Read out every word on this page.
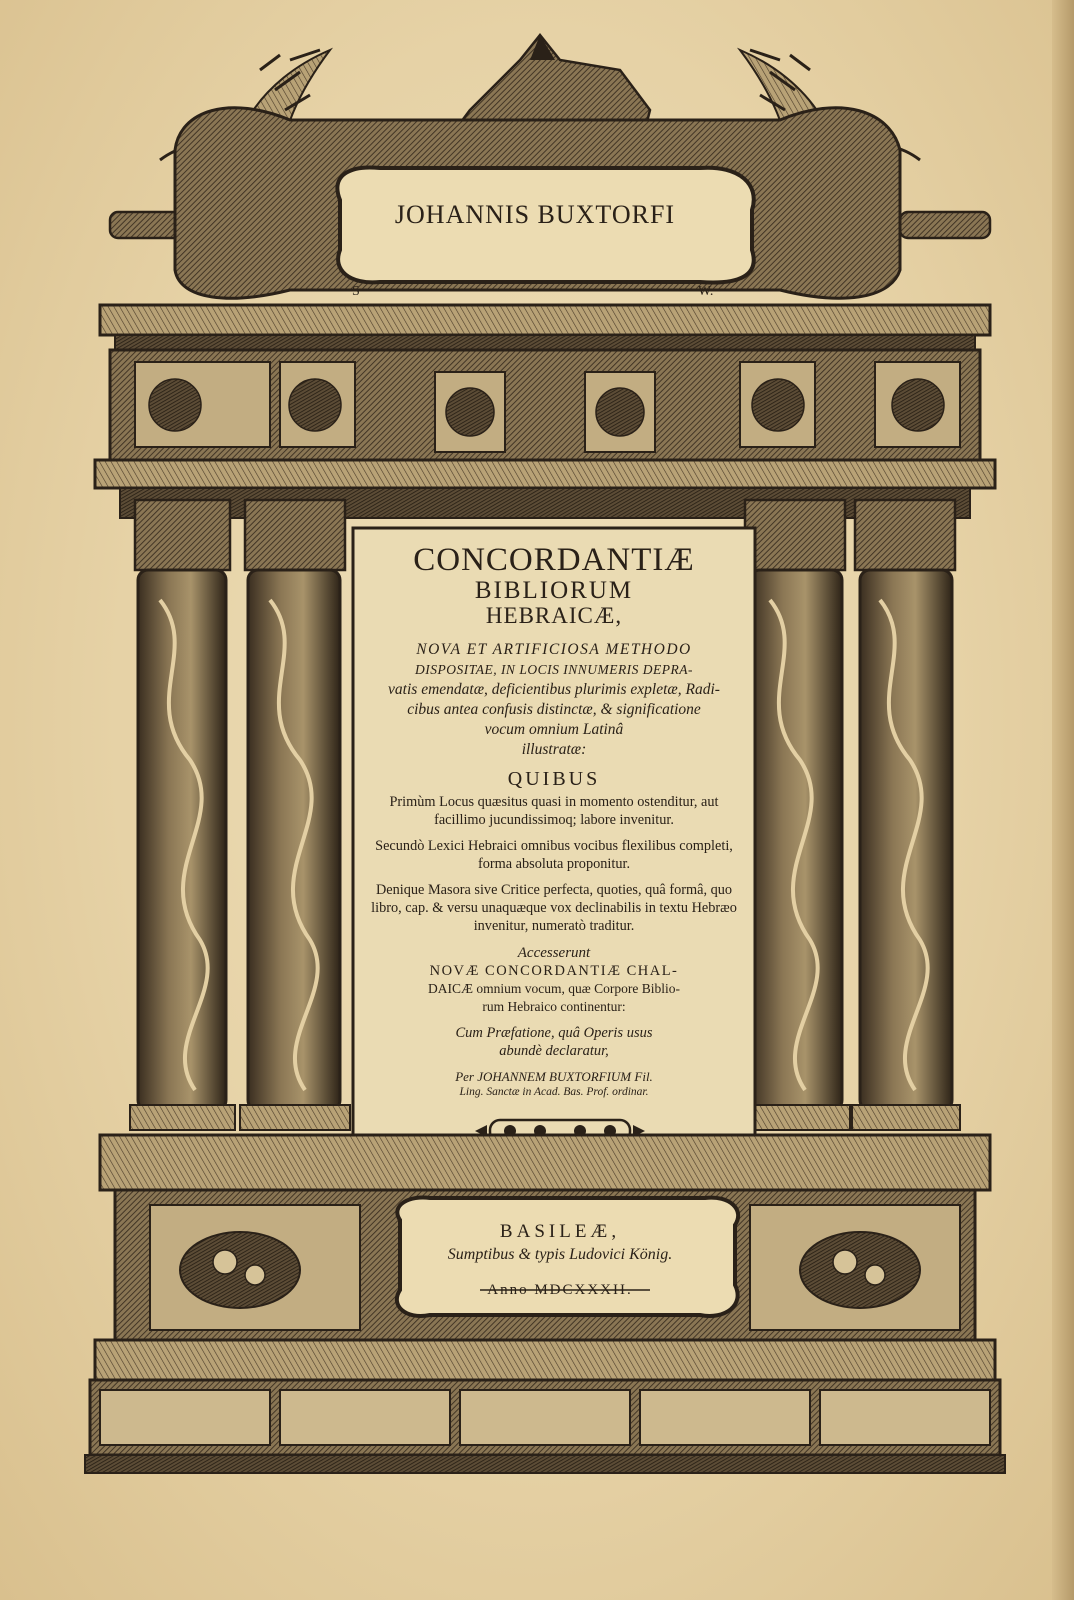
JOHANNIS BUXTORFI
S	W.
CONCORDANTIÆ
BIBLIORUM
HEBRAICÆ,
NOVA ET ARTIFICIOSA METHODO
DISPOSITAE, IN LOCIS INNUMERIS DEPRA-
vatis emendatæ, deficientibus plurimis expletæ, Radi-
cibus antea confusis distinctæ, & significatione
vocum omnium Latinâ
illustratæ:
QUIBUS
Primùm Locus quæsitus quasi in momento ostenditur, aut facillimo jucundissimoq; labore invenitur.
Secundò Lexici Hebraici omnibus vocibus flexilibus completi, forma absoluta proponitur.
Denique Masora sive Critice perfecta, quoties, quâ formâ, quo libro, cap. & versu unaquæque vox declinabilis in textu Hebræo invenitur, numeratò traditur.
Accesserunt
NOVÆ CONCORDANTIÆ CHAL-
DAICÆ omnium vocum, quæ Corpore Biblio-
rum Hebraico continentur:
Cum Præfatione, quâ Operis usus
abundè declaratur,
Per JOHANNEM BUXTORFIUM Fil.
Ling. Sanctæ in Acad. Bas. Prof. ordinar.
BASILEÆ,
Sumptibus & typis Ludovici König.
Anno MDCXXXII.
